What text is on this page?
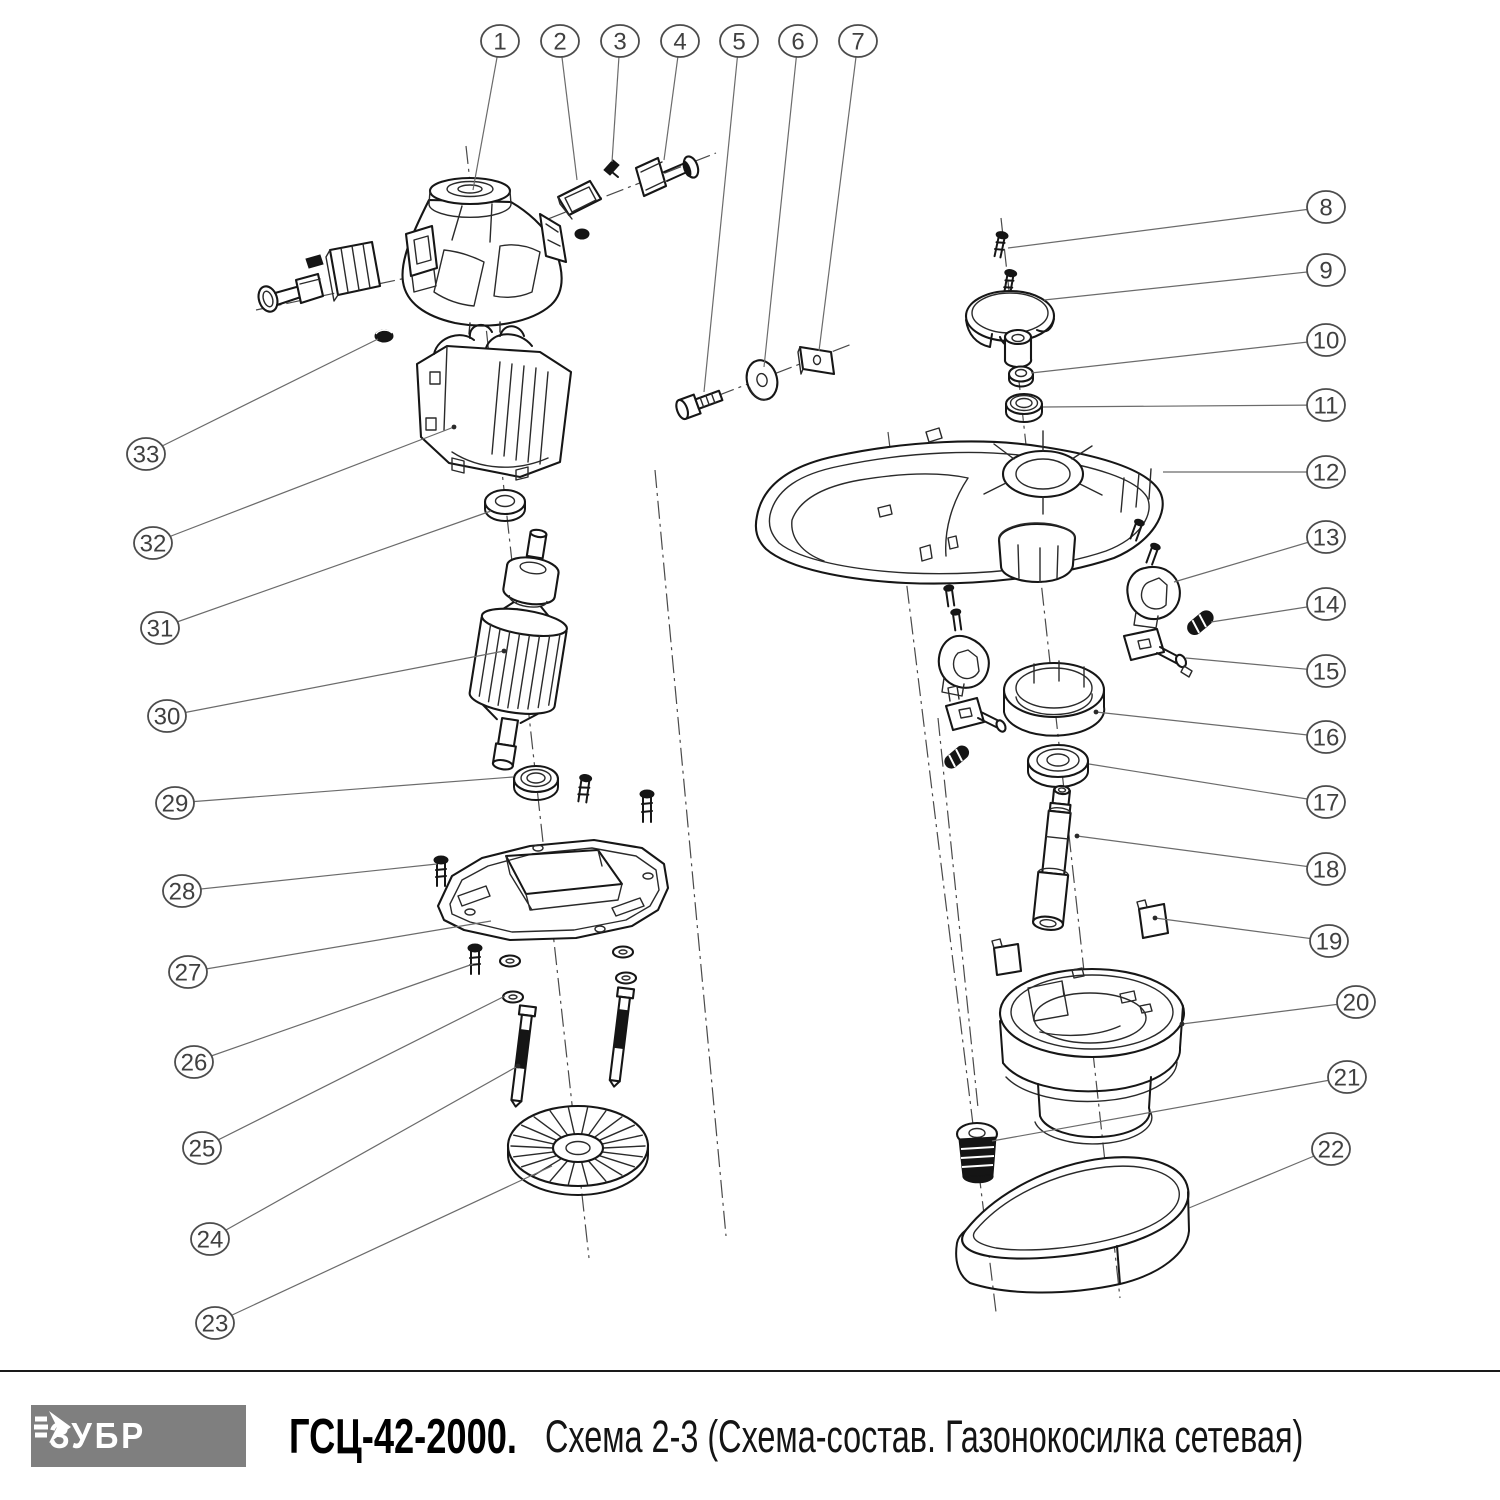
1 2 3 4 5 6 7
8
9
10
11
12
13
14
15
16
17
18
19
20
21
22
23
24
25
26
27
28
29
30
31
32
33
ЗУБР	ГСЦ-42-2000. Схема 2-3 (Схема-состав. Газонокосилка сетевая)
